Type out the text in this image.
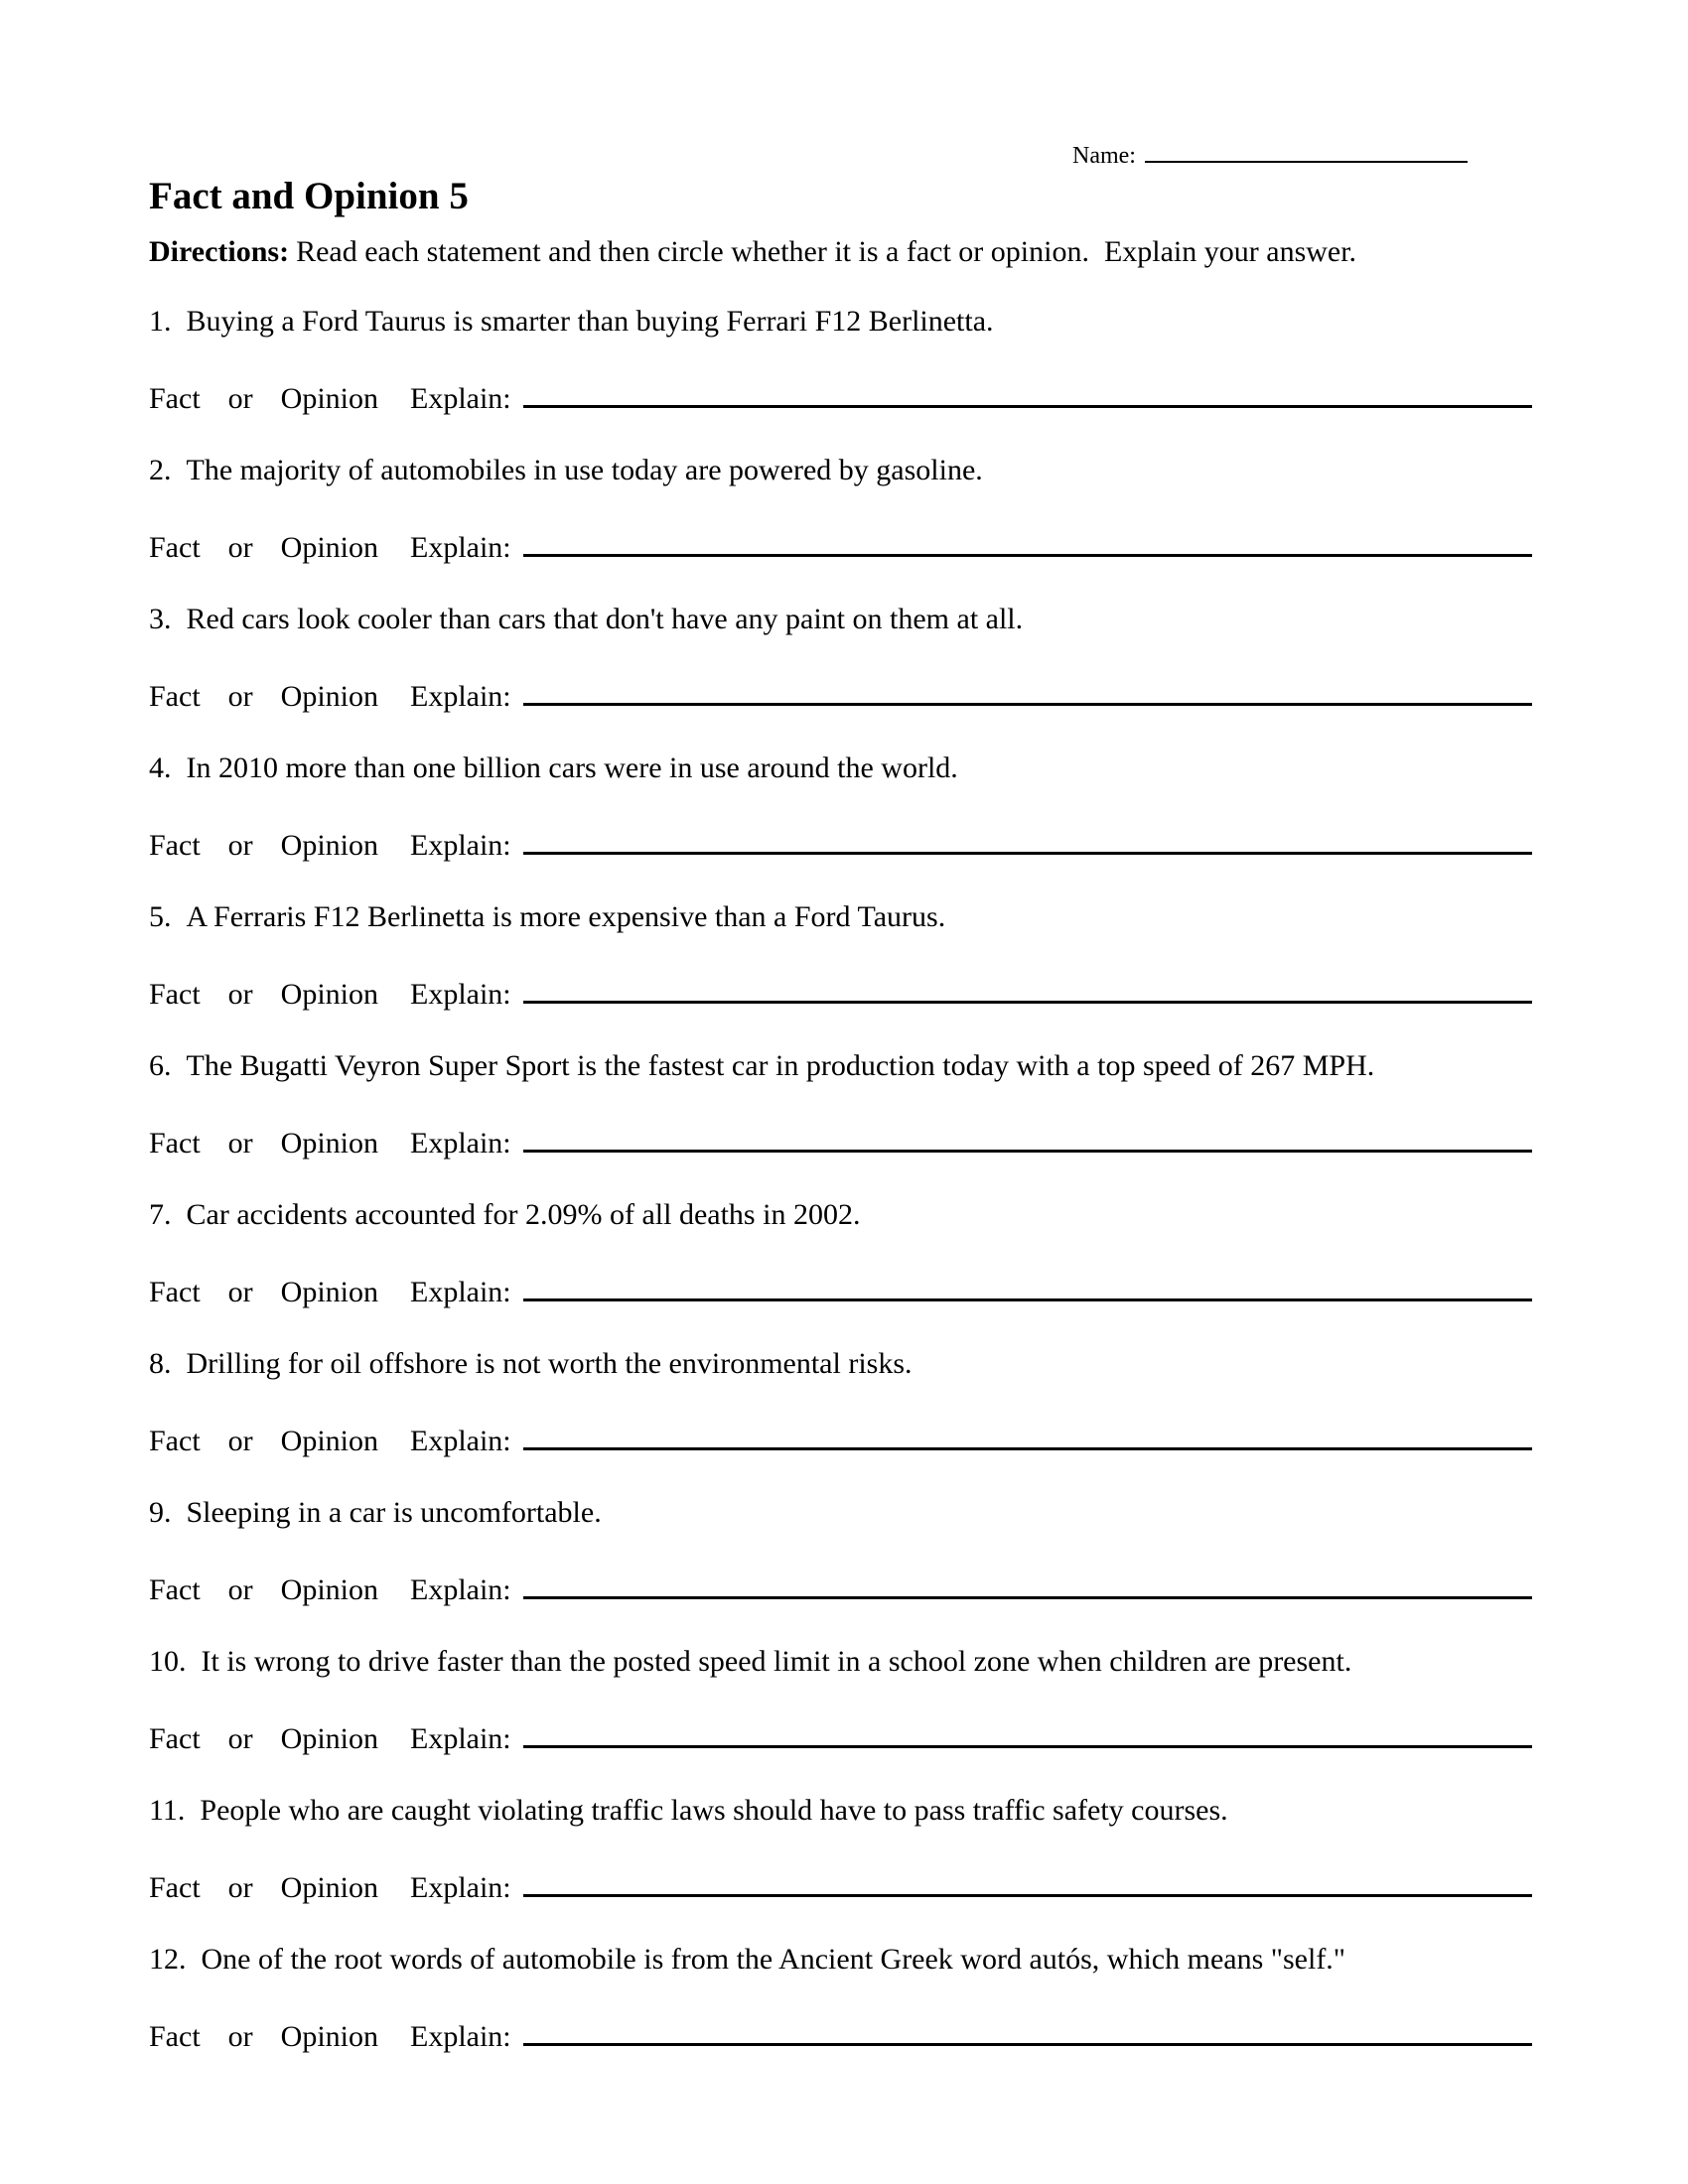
Name:
Fact and Opinion 5

Directions: Read each statement and then circle whether it is a fact or opinion.  Explain your answer.

1. Buying a Ford Taurus is smarter than buying Ferrari F12 Berlinetta.

Fact or Opinion Explain:

2. The majority of automobiles in use today are powered by gasoline.

Fact or Opinion Explain:

3. Red cars look cooler than cars that don't have any paint on them at all.

Fact or Opinion Explain:

4. In 2010 more than one billion cars were in use around the world.

Fact or Opinion Explain:

5. A Ferraris F12 Berlinetta is more expensive than a Ford Taurus.

Fact or Opinion Explain:

6. The Bugatti Veyron Super Sport is the fastest car in production today with a top speed of 267 MPH.

Fact or Opinion Explain:

7. Car accidents accounted for 2.09% of all deaths in 2002.

Fact or Opinion Explain:

8. Drilling for oil offshore is not worth the environmental risks.

Fact or Opinion Explain:

9. Sleeping in a car is uncomfortable.

Fact or Opinion Explain:

10. It is wrong to drive faster than the posted speed limit in a school zone when children are present.

Fact or Opinion Explain:

11. People who are caught violating traffic laws should have to pass traffic safety courses.

Fact or Opinion Explain:

12. One of the root words of automobile is from the Ancient Greek word autós, which means "self."

Fact or Opinion Explain:
